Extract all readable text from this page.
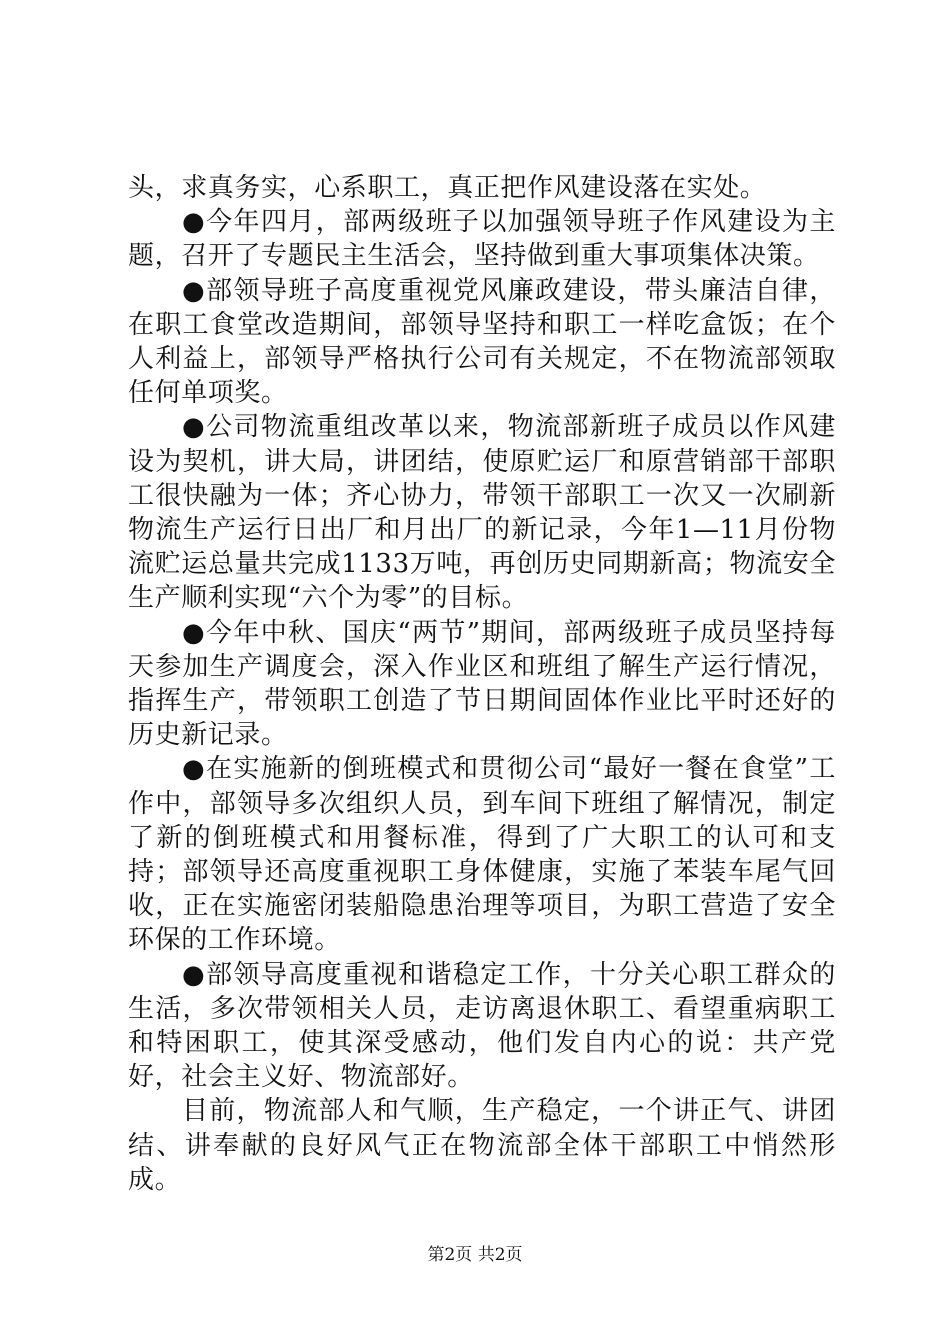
头，求真务实，心系职工，真正把作风建设落在实处。

●今年四月，部两级班子以加强领导班子作风建设为主题，召开了专题民主生活会，坚持做到重大事项集体决策。

●部领导班子高度重视党风廉政建设，带头廉洁自律，在职工食堂改造期间，部领导坚持和职工一样吃盒饭；在个人利益上，部领导严格执行公司有关规定，不在物流部领取任何单项奖。

●公司物流重组改革以来，物流部新班子成员以作风建设为契机，讲大局，讲团结，使原贮运厂和原营销部干部职工很快融为一体；齐心协力，带领干部职工一次又一次刷新物流生产运行日出厂和月出厂的新记录，今年1—11月份物流贮运总量共完成1133万吨，再创历史同期新高；物流安全生产顺利实现“六个为零”的目标。

●今年中秋、国庆“两节”期间，部两级班子成员坚持每天参加生产调度会，深入作业区和班组了解生产运行情况，指挥生产，带领职工创造了节日期间固体作业比平时还好的历史新记录。

●在实施新的倒班模式和贯彻公司“最好一餐在食堂”工作中，部领导多次组织人员，到车间下班组了解情况，制定了新的倒班模式和用餐标准，得到了广大职工的认可和支持；部领导还高度重视职工身体健康，实施了苯装车尾气回收，正在实施密闭装船隐患治理等项目，为职工营造了安全环保的工作环境。

●部领导高度重视和谐稳定工作，十分关心职工群众的生活，多次带领相关人员，走访离退休职工、看望重病职工和特困职工，使其深受感动，他们发自内心的说：共产党好，社会主义好、物流部好。

目前，物流部人和气顺，生产稳定，一个讲正气、讲团结、讲奉献的良好风气正在物流部全体干部职工中悄然形成。

第2页 共2页
